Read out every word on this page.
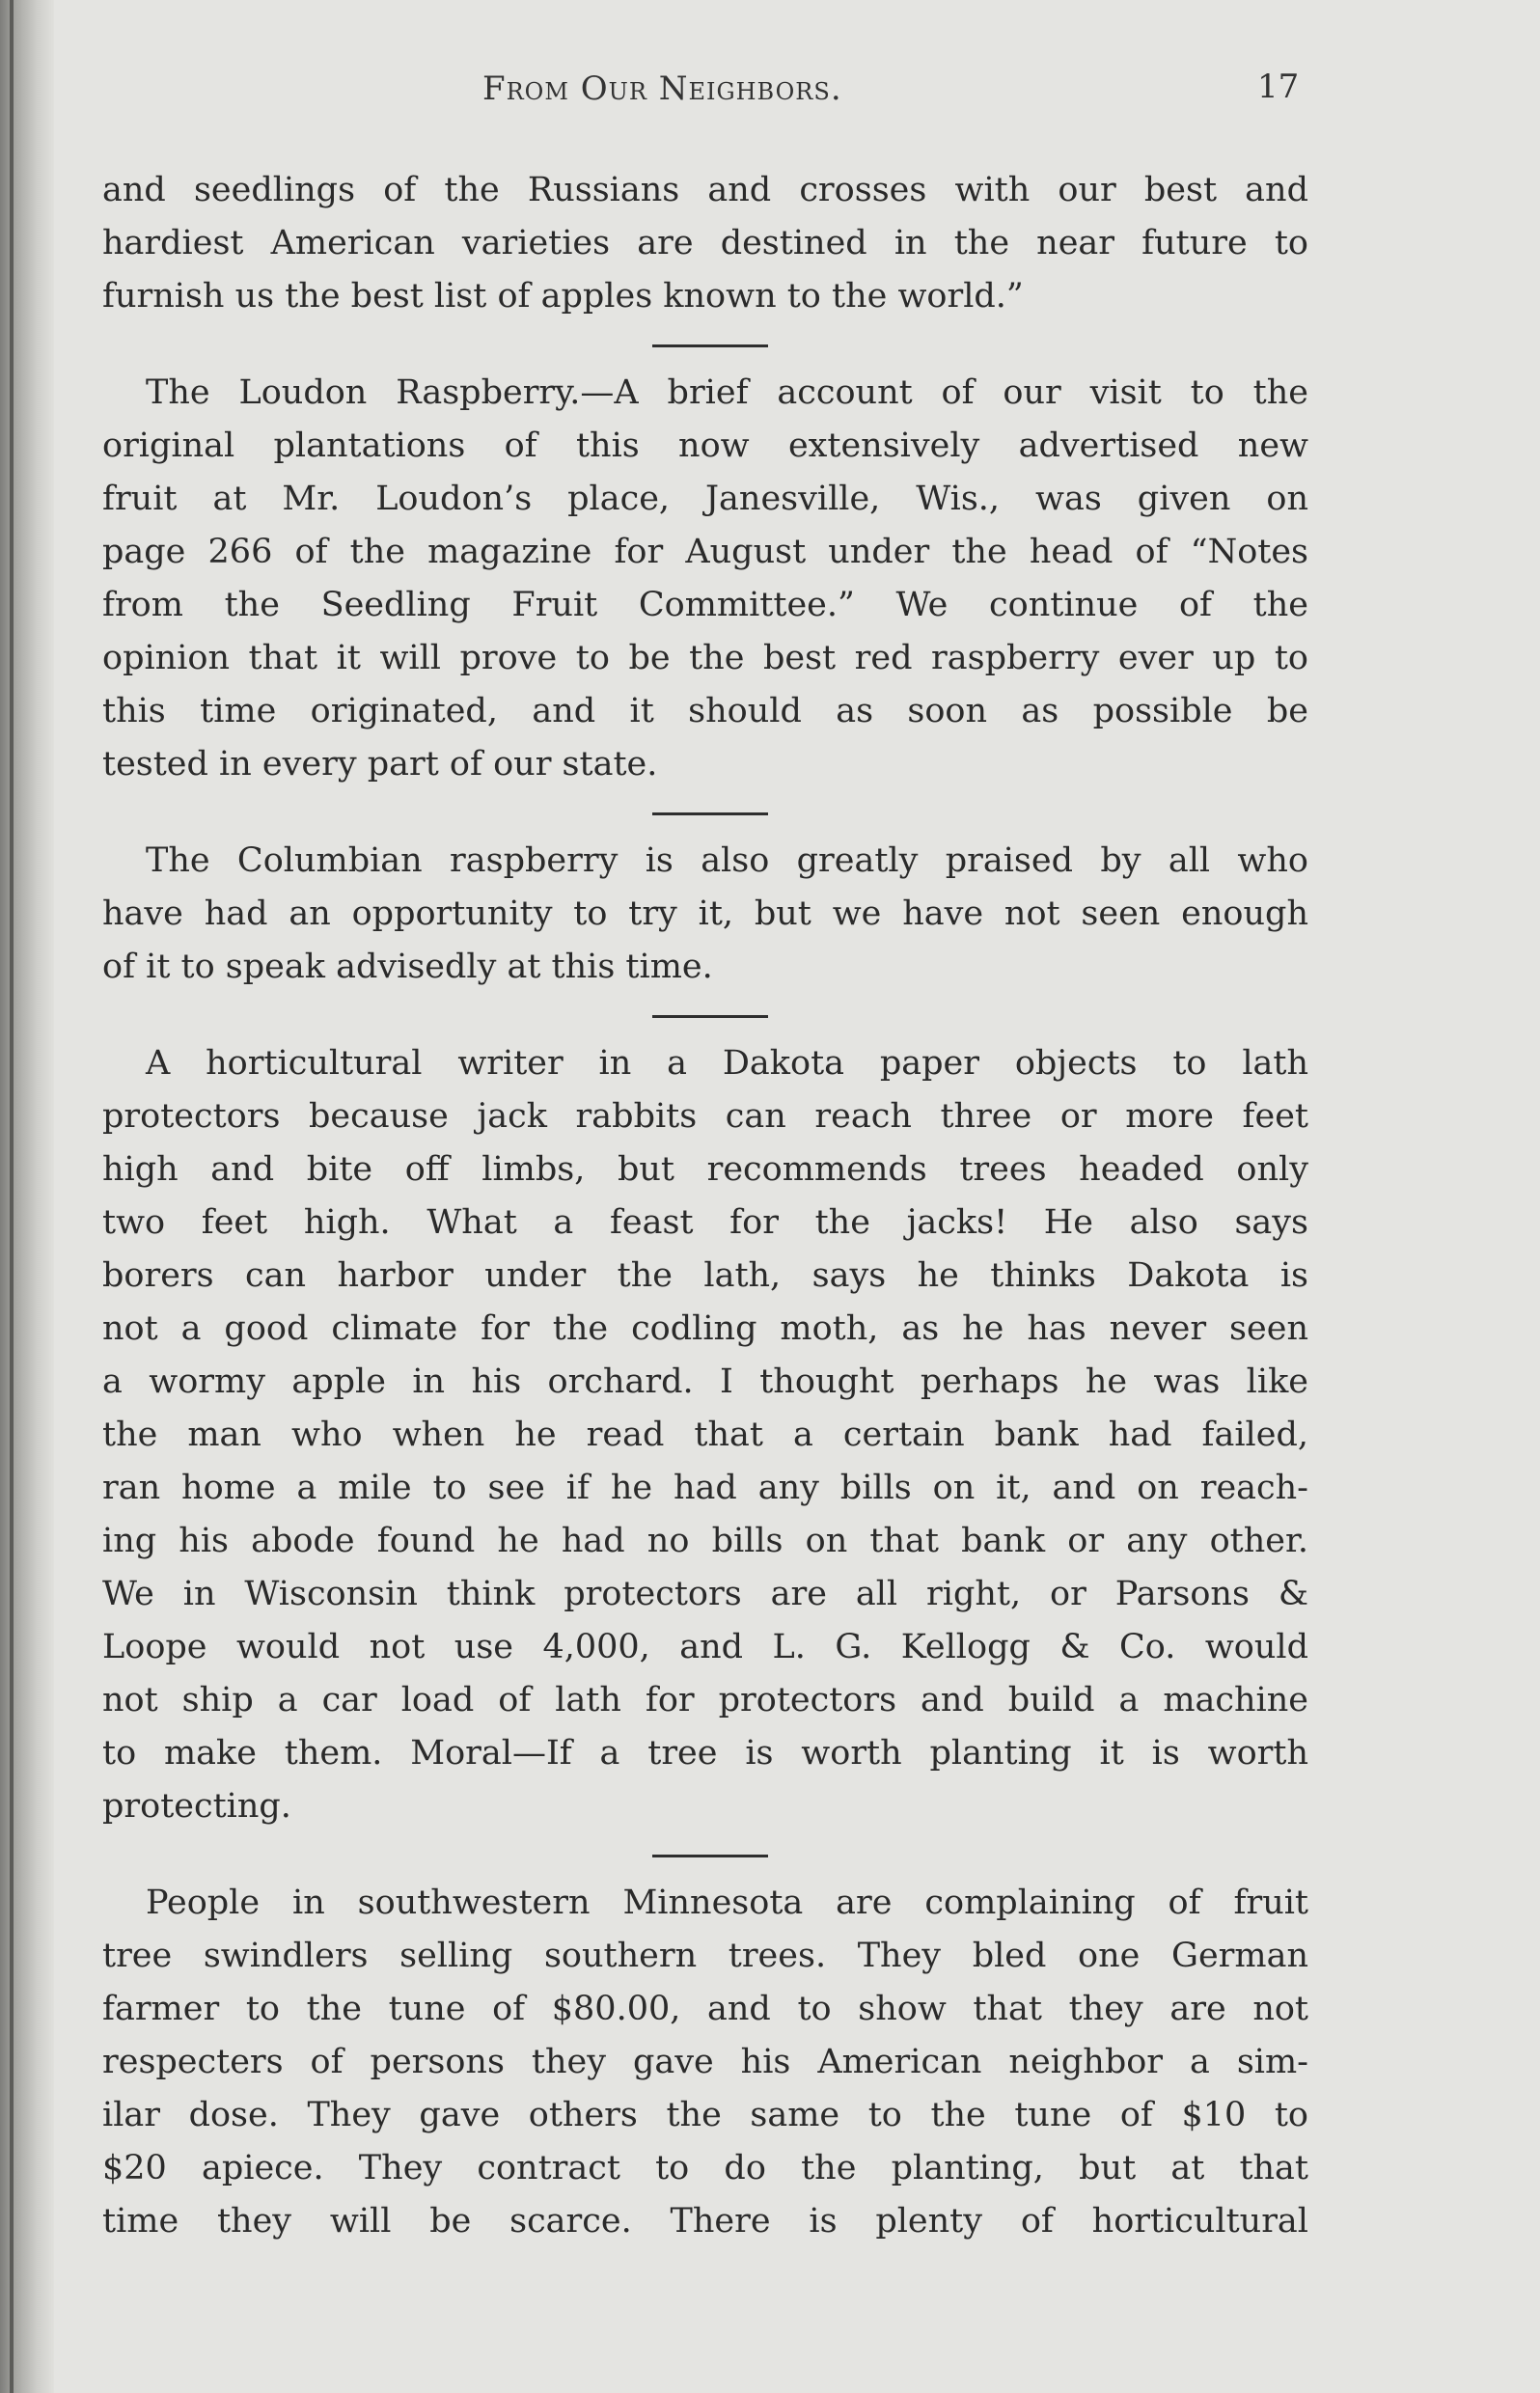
From Our Neighbors.	17
and seedlings of the Russians and crosses with our best and
hardiest American varieties are destined in the near future to
furnish us the best list of apples known to the world.”
The Loudon Raspberry.—A brief account of our visit to the
original plantations of this now extensively advertised new
fruit at Mr. Loudon’s place, Janesville, Wis., was given on
page 266 of the magazine for August under the head of “Notes
from the Seedling Fruit Committee.” We continue of the
opinion that it will prove to be the best red raspberry ever up to
this time originated, and it should as soon as possible be
tested in every part of our state.
The Columbian raspberry is also greatly praised by all who
have had an opportunity to try it, but we have not seen enough
of it to speak advisedly at this time.
A horticultural writer in a Dakota paper objects to lath
protectors because jack rabbits can reach three or more feet
high and bite off limbs, but recommends trees headed only
two feet high. What a feast for the jacks! He also says
borers can harbor under the lath, says he thinks Dakota is
not a good climate for the codling moth, as he has never seen
a wormy apple in his orchard. I thought perhaps he was like
the man who when he read that a certain bank had failed,
ran home a mile to see if he had any bills on it, and on reach-
ing his abode found he had no bills on that bank or any other.
We in Wisconsin think protectors are all right, or Parsons &
Loope would not use 4,000, and L. G. Kellogg & Co. would
not ship a car load of lath for protectors and build a machine
to make them. Moral—If a tree is worth planting it is worth
protecting.
People in southwestern Minnesota are complaining of fruit
tree swindlers selling southern trees. They bled one German
farmer to the tune of $80.00, and to show that they are not
respecters of persons they gave his American neighbor a sim-
ilar dose. They gave others the same to the tune of $10 to
$20 apiece. They contract to do the planting, but at that
time they will be scarce. There is plenty of horticultural
